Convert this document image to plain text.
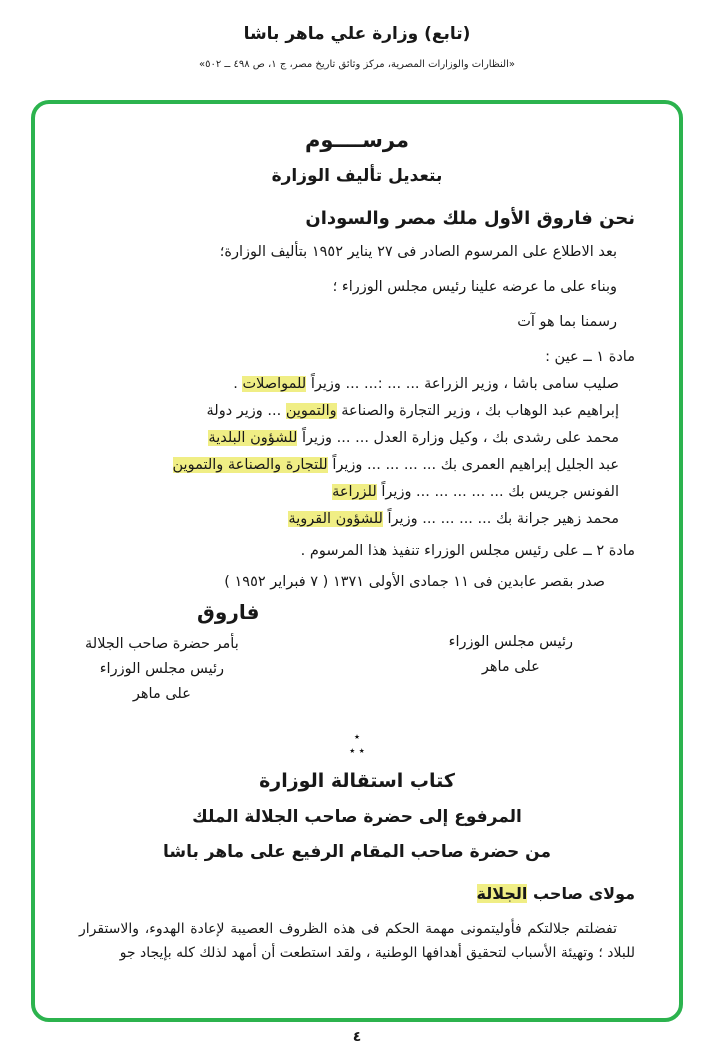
(تابع) وزارة علي ماهر باشا
«النظارات والوزارات المصرية، مركز وثائق تاريخ مصر، ج ١، ص ٤٩٨ ــ ٥٠٢»
مرســــوم
بتعديل تأليف الوزارة
نحن فاروق الأول ملك مصر والسودان
بعد الاطلاع على المرسوم الصادر فى ٢٧ يناير ١٩٥٢ بتأليف الوزارة؛
وبناء على ما عرضه علينا رئيس مجلس الوزراء ؛
رسمنا بما هو آت
مادة ١ ــ عين :
صليب سامى باشا ، وزير الزراعة ... ... :... ... وزيراً للمواصلات .
إبراهيم عبد الوهاب بك ، وزير التجارة والصناعة والتموين ... وزير دولة
محمد على رشدى بك ، وكيل وزارة العدل ... ... وزيراً للشؤون البلدية
عبد الجليل إبراهيم العمرى بك ... ... ... ... وزيراً للتجارة والصناعة والتموين
الفونس جريس بك ... ... ... ... ... وزيراً للزراعة
محمد زهير جرانة بك ... ... ... ... وزيراً للشؤون القروية
مادة ٢ ــ على رئيس مجلس الوزراء تنفيذ هذا المرسوم .
صدر بقصر عابدين فى ١١ جمادى الأولى ١٣٧١ ( ٧ فبراير ١٩٥٢ )
فاروق
رئيس مجلس الوزراء
على ماهر
بأمر حضرة صاحب الجلالة
رئيس مجلس الوزراء
على ماهر
٭
٭ ٭
كتاب استقالة الوزارة
المرفوع إلى حضرة صاحب الجلالة الملك
من حضرة صاحب المقام الرفيع على ماهر باشا
مولاى صاحب الجلالة
تفضلتم جلالتكم فأوليتمونى مهمة الحكم فى هذه الظروف العصيبة لإعادة الهدوء، والاستقرار للبلاد ؛ وتهيئة الأسباب لتحقيق أهدافها الوطنية ، ولقد استطعت أن أمهد لذلك كله بإيجاد جو
٤
